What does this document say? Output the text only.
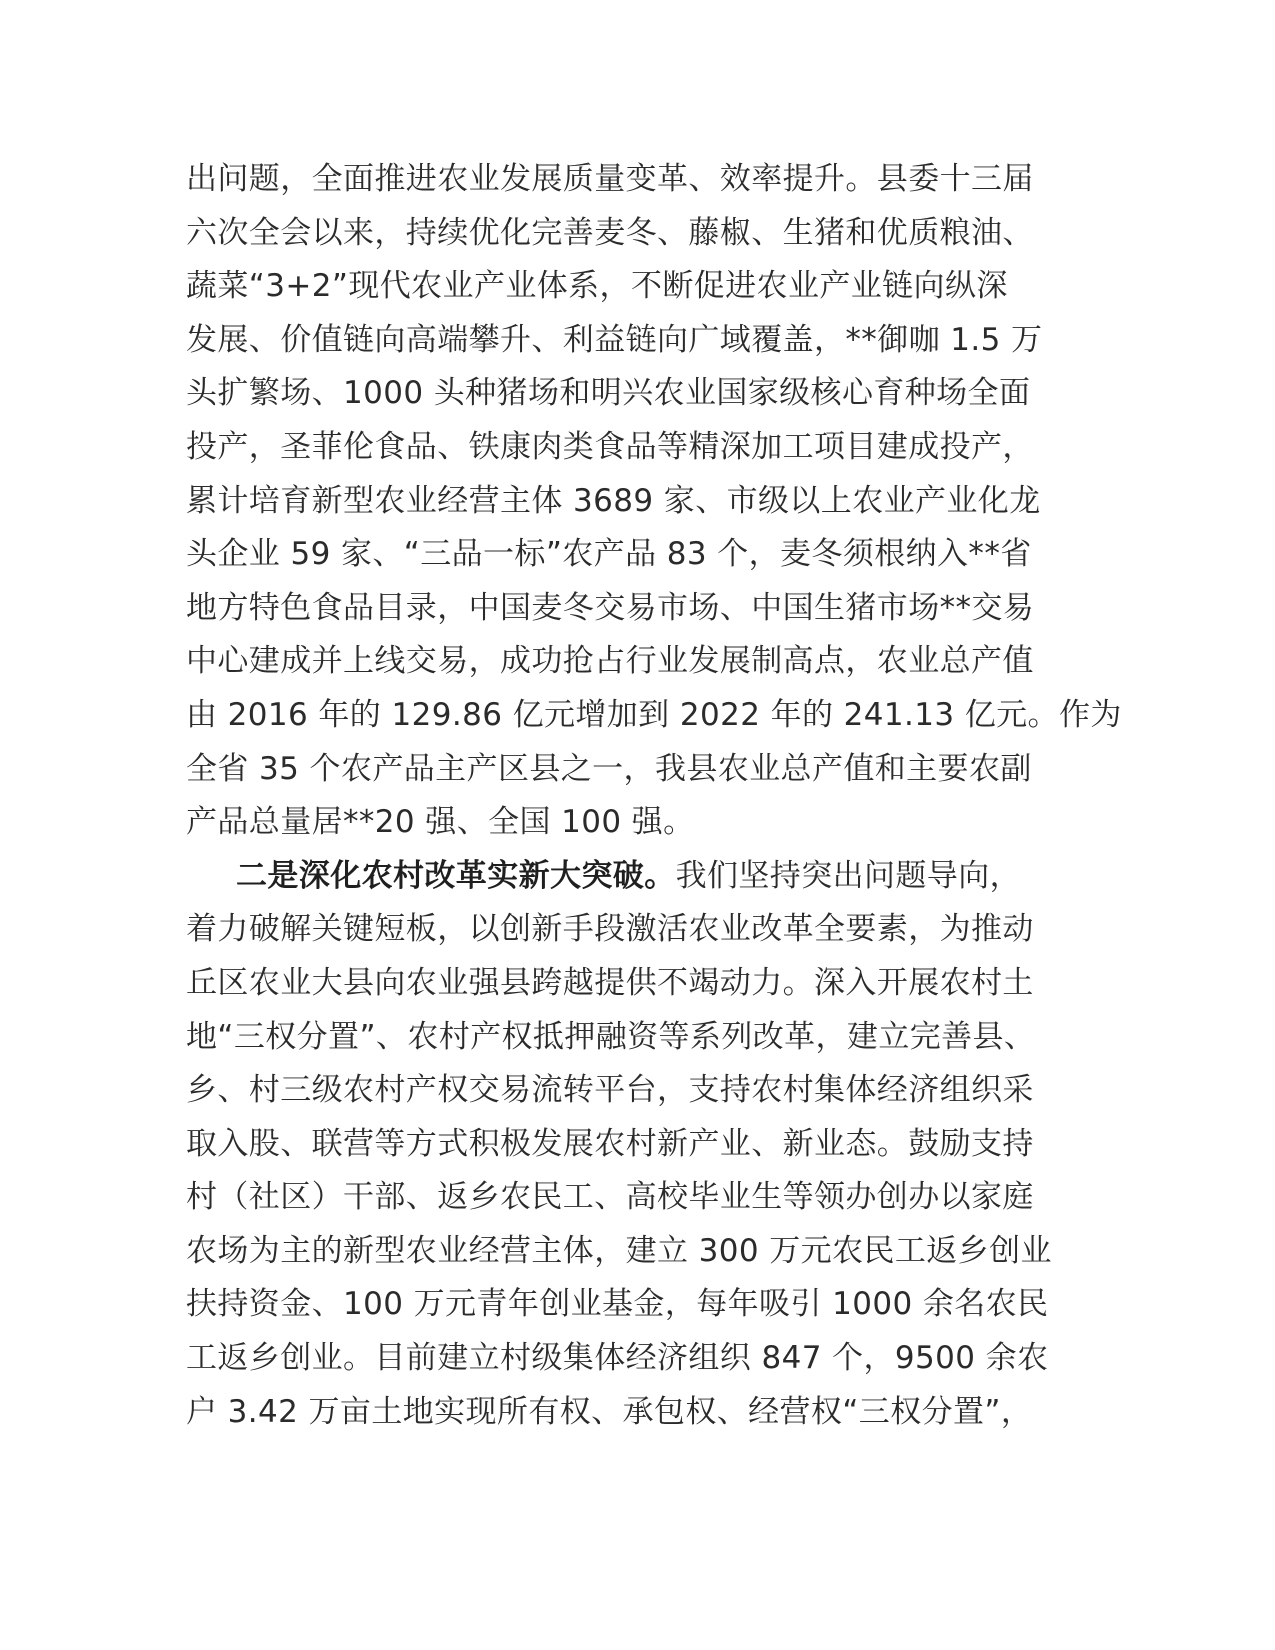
出问题，全面推进农业发展质量变革、效率提升。县委十三届
六次全会以来，持续优化完善麦冬、藤椒、生猪和优质粮油、
蔬菜“3+2”现代农业产业体系，不断促进农业产业链向纵深
发展、价值链向高端攀升、利益链向广域覆盖，**御咖 1.5 万
头扩繁场、1000 头种猪场和明兴农业国家级核心育种场全面
投产，圣菲伦食品、铁康肉类食品等精深加工项目建成投产，
累计培育新型农业经营主体 3689 家、市级以上农业产业化龙
头企业 59 家、“三品一标”农产品 83 个，麦冬须根纳入**省
地方特色食品目录，中国麦冬交易市场、中国生猪市场**交易
中心建成并上线交易，成功抢占行业发展制高点，农业总产值
由 2016 年的 129.86 亿元增加到 2022 年的 241.13 亿元。作为
全省 35 个农产品主产区县之一，我县农业总产值和主要农副
产品总量居**20 强、全国 100 强。
二是深化农村改革实新大突破。我们坚持突出问题导向，
着力破解关键短板，以创新手段激活农业改革全要素，为推动
丘区农业大县向农业强县跨越提供不竭动力。深入开展农村土
地“三权分置”、农村产权抵押融资等系列改革，建立完善县、
乡、村三级农村产权交易流转平台，支持农村集体经济组织采
取入股、联营等方式积极发展农村新产业、新业态。鼓励支持
村（社区）干部、返乡农民工、高校毕业生等领办创办以家庭
农场为主的新型农业经营主体，建立 300 万元农民工返乡创业
扶持资金、100 万元青年创业基金，每年吸引 1000 余名农民
工返乡创业。目前建立村级集体经济组织 847 个，9500 余农
户 3.42 万亩土地实现所有权、承包权、经营权“三权分置”，
